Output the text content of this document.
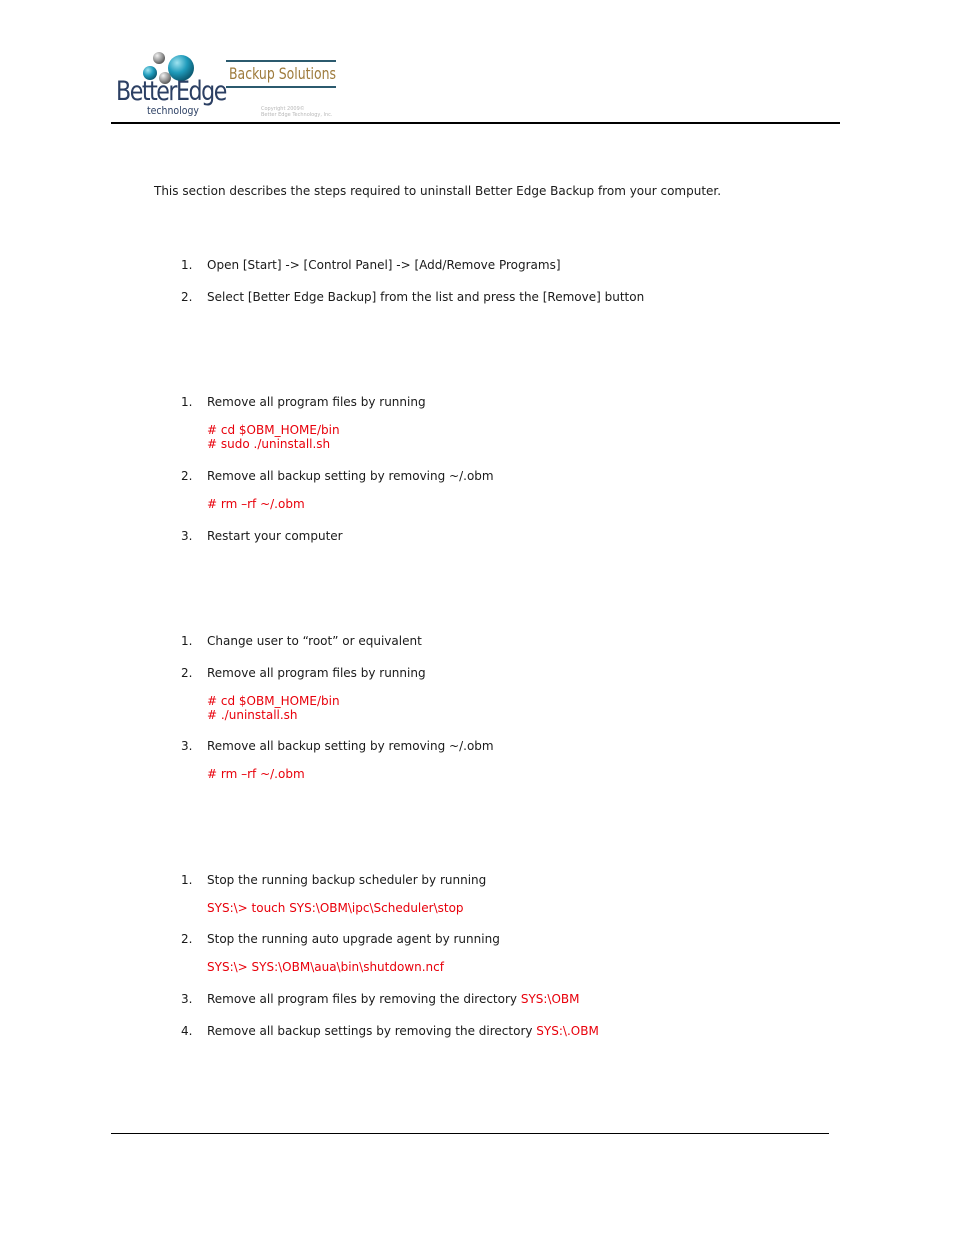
BetterEdge
technology
Backup Solutions
Copyright 2009©
Better Edge Technology, Inc.
This section describes the steps required to uninstall Better Edge Backup from your computer.
1. Open [Start] -> [Control Panel] -> [Add/Remove Programs]
2. Select [Better Edge Backup] from the list and press the [Remove] button
1. Remove all program files by running
# cd $OBM_HOME/bin
# sudo ./uninstall.sh
2. Remove all backup setting by removing ~/.obm
# rm –rf ~/.obm
3. Restart your computer
1. Change user to “root” or equivalent
2. Remove all program files by running
# cd $OBM_HOME/bin
# ./uninstall.sh
3. Remove all backup setting by removing ~/.obm
# rm –rf ~/.obm
1. Stop the running backup scheduler by running
SYS:\> touch SYS:\OBM\ipc\Scheduler\stop
2. Stop the running auto upgrade agent by running
SYS:\> SYS:\OBM\aua\bin\shutdown.ncf
3. Remove all program files by removing the directory SYS:\OBM
4. Remove all backup settings by removing the directory SYS:\.OBM
